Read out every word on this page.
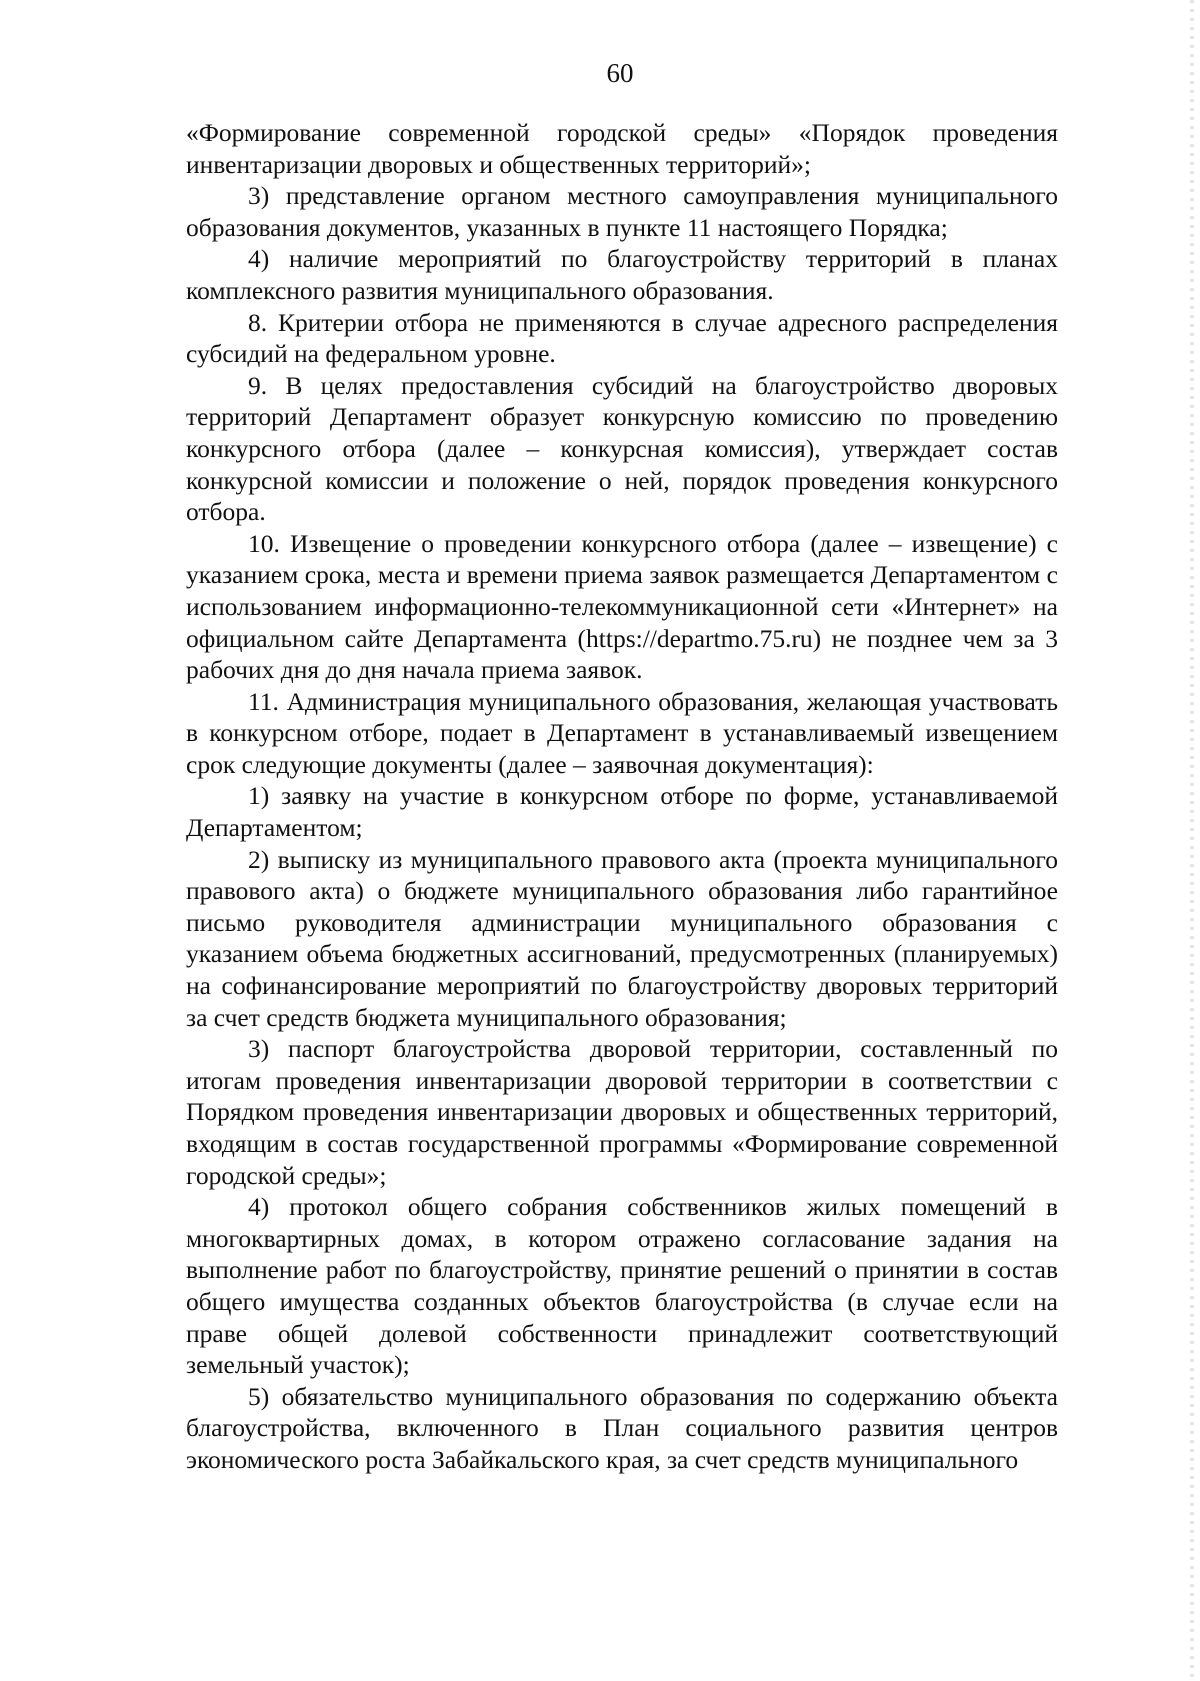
60

«Формирование современной городской среды» «Порядок проведения инвентаризации дворовых и общественных территорий»;

3) представление органом местного самоуправления муниципального образования документов, указанных в пункте 11 настоящего Порядка;

4) наличие мероприятий по благоустройству территорий в планах комплексного развития муниципального образования.

8. Критерии отбора не применяются в случае адресного распределения субсидий на федеральном уровне.

9. В целях предоставления субсидий на благоустройство дворовых территорий Департамент образует конкурсную комиссию по проведению конкурсного отбора (далее – конкурсная комиссия), утверждает состав конкурсной комиссии и положение о ней, порядок проведения конкурсного отбора.

10. Извещение о проведении конкурсного отбора (далее – извещение) с указанием срока, места и времени приема заявок размещается Департаментом с использованием информационно-телекоммуникационной сети «Интернет» на официальном сайте Департамента (https://departmo.75.ru) не позднее чем за 3 рабочих дня до дня начала приема заявок.

11. Администрация муниципального образования, желающая участвовать в конкурсном отборе, подает в Департамент в устанавливаемый извещением срок следующие документы (далее – заявочная документация):

1) заявку на участие в конкурсном отборе по форме, устанавливаемой Департаментом;

2) выписку из муниципального правового акта (проекта муниципального правового акта) о бюджете муниципального образования либо гарантийное письмо руководителя администрации муниципального образования с указанием объема бюджетных ассигнований, предусмотренных (планируемых) на софинансирование мероприятий по благоустройству дворовых территорий за счет средств бюджета муниципального образования;

3) паспорт благоустройства дворовой территории, составленный по итогам проведения инвентаризации дворовой территории в соответствии с Порядком проведения инвентаризации дворовых и общественных территорий, входящим в состав государственной программы «Формирование современной городской среды»;

4) протокол общего собрания собственников жилых помещений в многоквартирных домах, в котором отражено согласование задания на выполнение работ по благоустройству, принятие решений о принятии в состав общего имущества созданных объектов благоустройства (в случае если на праве общей долевой собственности принадлежит соответствующий земельный участок);

5) обязательство муниципального образования по содержанию объекта благоустройства, включенного в План социального развития центров экономического роста Забайкальского края, за счет средств муниципального
